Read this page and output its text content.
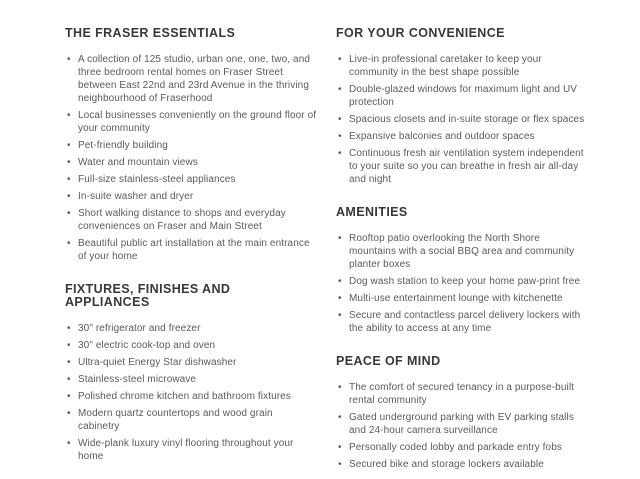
THE FRASER ESSENTIALS
• A collection of 125 studio, urban one, one, two, and three bedroom rental homes on Fraser Street between East 22nd and 23rd Avenue in the thriving neighbourhood of Fraserhood
• Local businesses conveniently on the ground floor of your community
• Pet-friendly building
• Water and mountain views
• Full-size stainless-steel appliances
• In-suite washer and dryer
• Short walking distance to shops and everyday conveniences on Fraser and Main Street
• Beautiful public art installation at the main entrance of your home
FIXTURES, FINISHES AND APPLIANCES
• 30" refrigerator and freezer
• 30" electric cook-top and oven
• Ultra-quiet Energy Star dishwasher
• Stainless-steel microwave
• Polished chrome kitchen and bathroom fixtures
• Modern quartz countertops and wood grain cabinetry
• Wide-plank luxury vinyl flooring throughout your home
FOR YOUR CONVENIENCE
• Live-in professional caretaker to keep your community in the best shape possible
• Double-glazed windows for maximum light and UV protection
• Spacious closets and in-suite storage or flex spaces
• Expansive balconies and outdoor spaces
• Continuous fresh air ventilation system independent to your suite so you can breathe in fresh air all-day and night
AMENITIES
• Rooftop patio overlooking the North Shore mountains with a social BBQ area and community planter boxes
• Dog wash station to keep your home paw-print free
• Multi-use entertainment lounge with kitchenette
• Secure and contactless parcel delivery lockers with the ability to access at any time
PEACE OF MIND
• The comfort of secured tenancy in a purpose-built rental community
• Gated underground parking with EV parking stalls and 24-hour camera surveillance
• Personally coded lobby and parkade entry fobs
• Secured bike and storage lockers available
